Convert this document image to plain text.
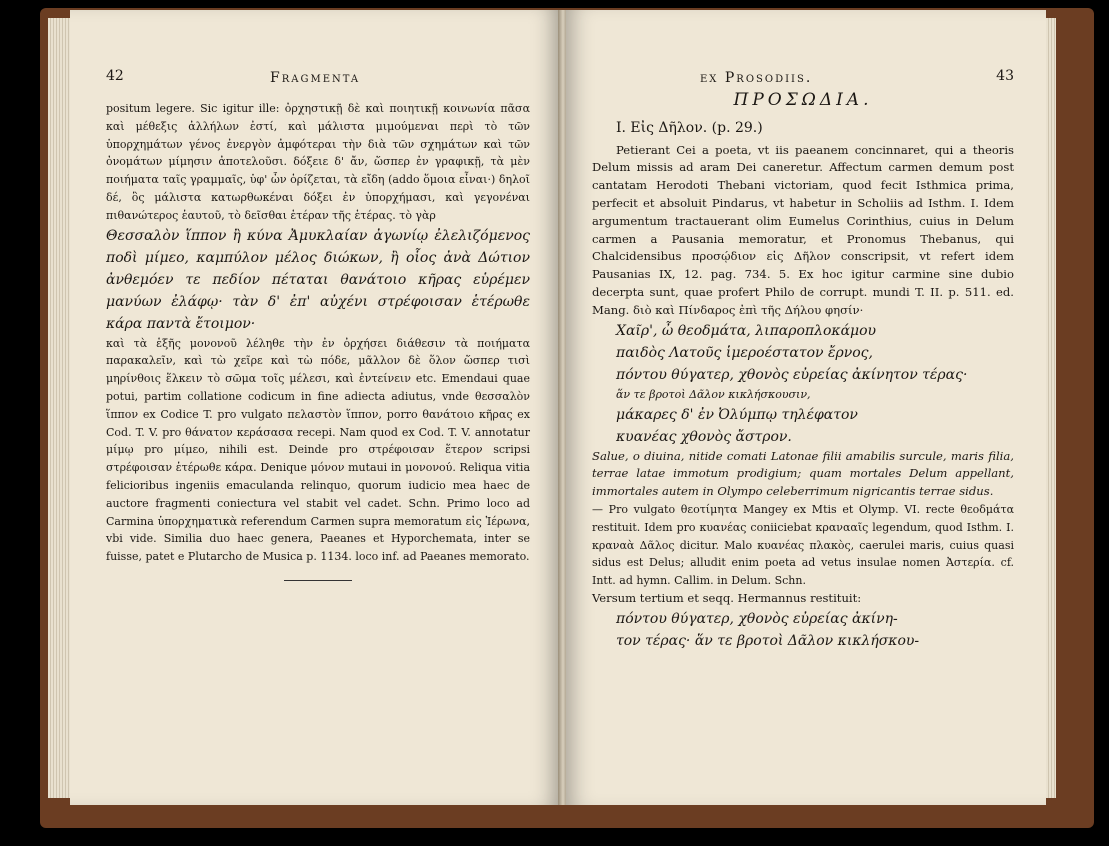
42	Fragmenta

positum legere. Sic igitur ille: ὀρχηστικῇ δὲ καὶ ποιητικῇ κοινωνία πᾶσα καὶ μέθεξις ἀλλήλων ἐστί, καὶ μάλιστα μιμούμεναι περὶ τὸ τῶν ὑπορχημάτων γένος ἐνεργὸν ἀμφότεραι τὴν διὰ τῶν σχημάτων καὶ τῶν ὀνομάτων μίμησιν ἀποτελοῦσι. δόξειε δ' ἄν, ὥσπερ ἐν γραφικῇ, τὰ μὲν ποιήματα ταῖς γραμμαῖς, ὑφ' ὧν ὁρίζεται, τὰ εἴδη (addo ὅμοια εἶναι·) δηλοῖ δέ, ὃς μάλιστα κατωρθωκέναι δόξει ἐν ὑπορχήμασι, καὶ γεγονέναι πιθανώτερος ἑαυτοῦ, τὸ δεῖσθαι ἑτέραν τῆς ἑτέρας. τὸ γὰρ

Θεσσαλὸν ἵππον ἢ κύνα Ἀμυκλαίαν ἀγωνίῳ ἐλελιζόμενος ποδὶ μίμεο, καμπύλον μέλος διώκων, ἢ οἷος ἀνὰ Δώτιον ἀνθεμόεν τε πεδίον πέταται θανάτοιο κῆρας εὑρέμεν μανύων ἐλάφῳ· τὰν δ' ἐπ' αὐχένι στρέφοισαν ἑτέρωθε κάρα παντὰ ἔτοιμον·

καὶ τὰ ἑξῆς μονονοῦ λέληθε τὴν ἐν ὀρχήσει διάθεσιν τὰ ποιήματα παρακαλεῖν, καὶ τὼ χεῖρε καὶ τὼ πόδε, μᾶλλον δὲ ὅλον ὥσπερ τισὶ μηρίνθοις ἕλκειν τὸ σῶμα τοῖς μέλεσι, καὶ ἐντείνειν etc. Emendaui quae potui, partim collatione codicum in fine adiecta adiutus, vnde θεσσαλὸν ἵππον ex Codice T. pro vulgato πελαστὸν ἵππον, porro θανάτοιο κῆρας ex Cod. T. V. pro θάνατον κεράσασα recepi. Nam quod ex Cod. T. V. annotatur μίμῳ pro μίμεο, nihili est. Deinde pro στρέφοισαν ἕτερον scripsi στρέφοισαν ἑτέρωθε κάρα. Denique μόνον mutaui in μονονού. Reliqua vitia felicioribus ingeniis emaculanda relinquo, quorum iudicio mea haec de auctore fragmenti coniectura vel stabit vel cadet. Schn. Primo loco ad Carmina ὑπορχηματικὰ referendum Carmen supra memoratum εἰς Ἱέρωνα, vbi vide. Similia duo haec genera, Paeanes et Hyporchemata, inter se fuisse, patet e Plutarcho de Musica p. 1134. loco inf. ad Paeanes memorato.

ex Prosodiis.	43
ΠΡΟΣΩΔΙΑ.
I. Εἰς Δῆλον. (p. 29.)

Petierant Cei a poeta, vt iis paeanem concinnaret, qui a theoris Delum missis ad aram Dei caneretur. Affectum carmen demum post cantatam Herodoti Thebani victoriam, quod fecit Isthmica prima, perfecit et absoluit Pindarus, vt habetur in Scholiis ad Isthm. I. Idem argumentum tractauerant olim Eumelus Corinthius, cuius in Delum carmen a Pausania memoratur, et Pronomus Thebanus, qui Chalcidensibus προσῴδιον εἰς Δῆλον conscripsit, vt refert idem Pausanias IX, 12. pag. 734. 5. Ex hoc igitur carmine sine dubio decerpta sunt, quae profert Philo de corrupt. mundi T. II. p. 511. ed. Mang. διὸ καὶ Πίνδαρος ἐπὶ τῆς Δήλου φησίν·

Χαῖρ', ὦ θεοδμάτα, λιπαροπλοκάμου
παιδὸς Λατοῦς ἱμεροέστατον ἔρνος,
πόντου θύγατερ, χθονὸς εὐρείας ἀκίνητον τέρας·
ἅν τε βροτοὶ Δᾶλον κικλήσκουσιν,
μάκαρες δ' ἐν Ὀλύμπῳ τηλέφατον
κυανέας χθονὸς ἄστρον.

Salue, o diuina, nitide comati Latonae filii amabilis surcule, maris filia, terrae latae immotum prodigium; quam mortales Delum appellant, immortales autem in Olympo celeberrimum nigricantis terrae sidus.

— Pro vulgato θεοτίμητα Mangey ex Mtis et Olymp. VI. recte θεοδμάτα restituit. Idem pro κυανέας coniiciebat κρανααῖς legendum, quod Isthm. I. κραναὰ Δᾶλος dicitur. Malo κυανέας πλακὸς, caerulei maris, cuius quasi sidus est Delus; alludit enim poeta ad vetus insulae nomen Ἀστερία. cf. Intt. ad hymn. Callim. in Delum. Schn.

Versum tertium et seqq. Hermannus restituit:

πόντου θύγατερ, χθονὸς εὐρείας ἀκίνη-
τον τέρας· ἅν τε βροτοὶ Δᾶλον κικλήσκου-
